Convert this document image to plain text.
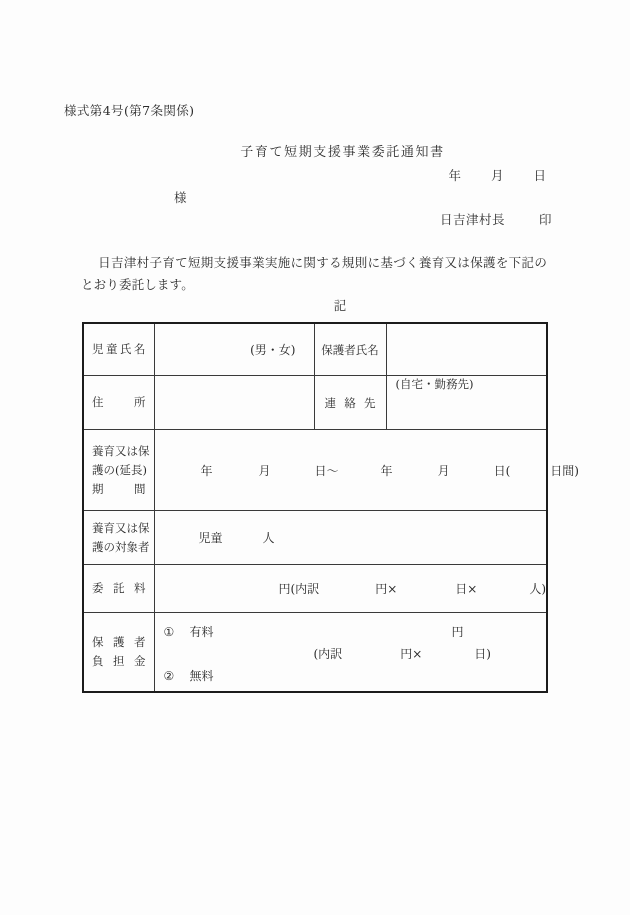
様式第4号(第7条関係)
子育て短期支援事業委託通知書
年 月 日
様
日吉津村長	印
日吉津村子育て短期支援事業実施に関する規則に基づく養育又は保護を下記のとおり委託します。
記
児童氏名	(男・女)	保護者氏名	

住所		連絡先	(自宅・勤務先)

養育又は保
護の(延長)
期間	年 月 日〜 年 月 日( 日間)		

養育又は保
護の対象者	児童 人		

委託料	円(内訳 円× 日× 人)		

保護者
負担金	① 有料 円
(内訳 円× 日)
② 無料		
